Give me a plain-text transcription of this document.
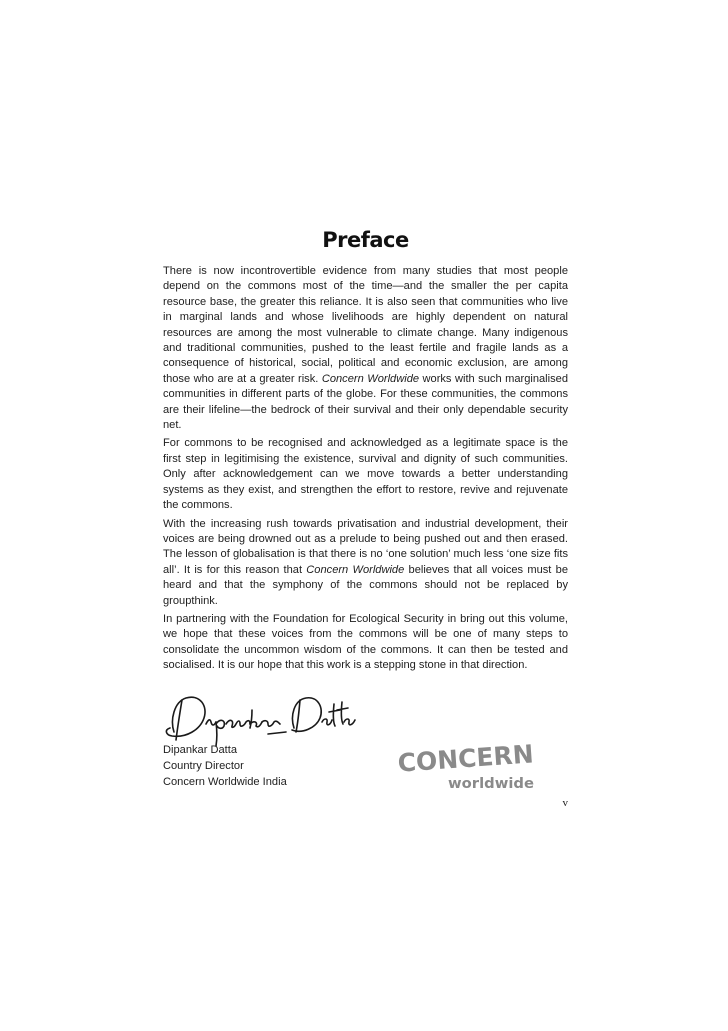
Preface

There is now incontrovertible evidence from many studies that most people depend on the commons most of the time—and the smaller the per capita resource base, the greater this reliance. It is also seen that communities who live in marginal lands and whose livelihoods are highly dependent on natural resources are among the most vulnerable to climate change. Many indigenous and traditional communities, pushed to the least fertile and fragile lands as a consequence of historical, social, political and economic exclusion, are among those who are at a greater risk. Concern Worldwide works with such marginalised communities in different parts of the globe. For these communities, the commons are their lifeline—the bedrock of their survival and their only dependable security net.

For commons to be recognised and acknowledged as a legitimate space is the first step in legitimising the existence, survival and dignity of such communities. Only after acknowledgement can we move towards a better understanding systems as they exist, and strengthen the effort to restore, revive and rejuvenate the commons.

With the increasing rush towards privatisation and industrial development, their voices are being drowned out as a prelude to being pushed out and then erased. The lesson of globalisation is that there is no ‘one solution’ much less ‘one size fits all’. It is for this reason that Concern Worldwide believes that all voices must be heard and that the symphony of the commons should not be replaced by groupthink.

In partnering with the Foundation for Ecological Security in bring out this volume, we hope that these voices from the commons will be one of many steps to consolidate the uncommon wisdom of the commons. It can then be tested and socialised. It is our hope that this work is a stepping stone in that direction.

Dipankar Datta
Country Director
Concern Worldwide India
CONCERN
worldwide
v
